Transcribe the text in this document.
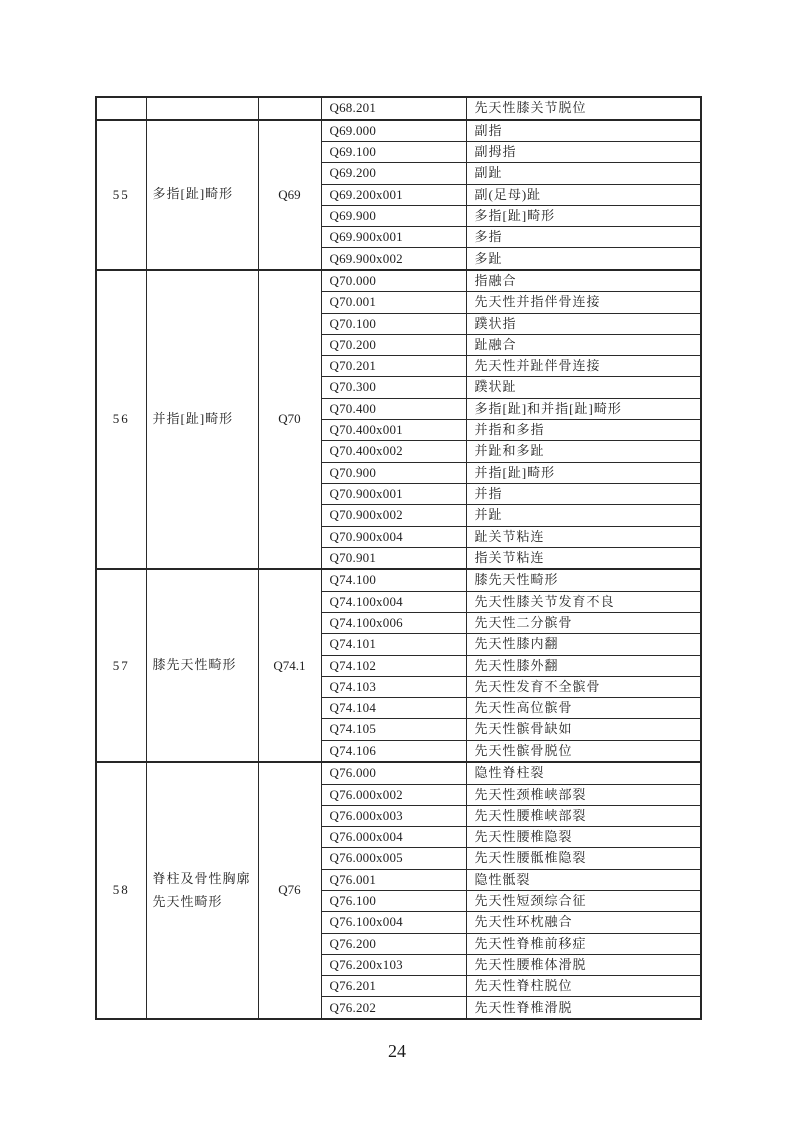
			Q68.201	先天性膝关节脱位
55	多指[趾]畸形	Q69	Q69.000	副指
			Q69.100	副拇指
			Q69.200	副趾
			Q69.200x001	副(足母)趾
			Q69.900	多指[趾]畸形
			Q69.900x001	多指
			Q69.900x002	多趾
56	并指[趾]畸形	Q70	Q70.000	指融合
			Q70.001	先天性并指伴骨连接
			Q70.100	蹼状指
			Q70.200	趾融合
			Q70.201	先天性并趾伴骨连接
			Q70.300	蹼状趾
			Q70.400	多指[趾]和并指[趾]畸形
			Q70.400x001	并指和多指
			Q70.400x002	并趾和多趾
			Q70.900	并指[趾]畸形
			Q70.900x001	并指
			Q70.900x002	并趾
			Q70.900x004	趾关节粘连
			Q70.901	指关节粘连
57	膝先天性畸形	Q74.1	Q74.100	膝先天性畸形
			Q74.100x004	先天性膝关节发育不良
			Q74.100x006	先天性二分髌骨
			Q74.101	先天性膝内翻
			Q74.102	先天性膝外翻
			Q74.103	先天性发育不全髌骨
			Q74.104	先天性高位髌骨
			Q74.105	先天性髌骨缺如
			Q74.106	先天性髌骨脱位
58	脊柱及骨性胸廓先天性畸形	Q76	Q76.000	隐性脊柱裂
			Q76.000x002	先天性颈椎峡部裂
			Q76.000x003	先天性腰椎峡部裂
			Q76.000x004	先天性腰椎隐裂
			Q76.000x005	先天性腰骶椎隐裂
			Q76.001	隐性骶裂
			Q76.100	先天性短颈综合征
			Q76.100x004	先天性环枕融合
			Q76.200	先天性脊椎前移症
			Q76.200x103	先天性腰椎体滑脱
			Q76.201	先天性脊柱脱位
			Q76.202	先天性脊椎滑脱
24
